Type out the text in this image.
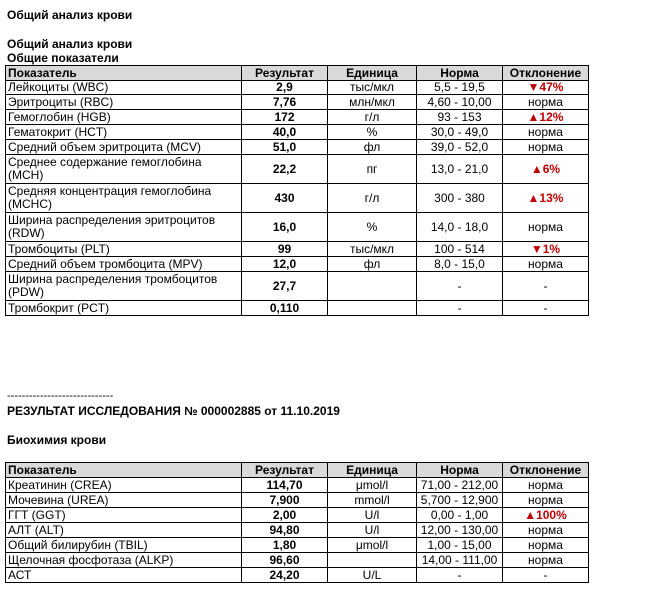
Общий анализ крови
Общий анализ крови
Общие показатели
Показатель	Результат	Единица	Норма	Отклонение
Лейкоциты (WBC)	2,9	тыс/мкл	5,5 - 19,5	▼47%
Эритроциты (RBC)	7,76	млн/мкл	4,60 - 10,00	норма
Гемоглобин (HGB)	172	г/л	93 - 153	▲12%
Гематокрит (HCT)	40,0	%	30,0 - 49,0	норма
Средний объем эритроцита (MCV)	51,0	фл	39,0 - 52,0	норма
Среднее содержание гемоглобина (MCH)	22,2	пг	13,0 - 21,0	▲6%
Средняя концентрация гемоглобина (MCHC)	430	г/л	300 - 380	▲13%
Ширина распределения эритроцитов (RDW)	16,0	%	14,0 - 18,0	норма
Тромбоциты (PLT)	99	тыс/мкл	100 - 514	▼1%
Средний объем тромбоцита (MPV)	12,0	фл	8,0 - 15,0	норма
Ширина распределения тромбоцитов (PDW)	27,7		-	-
Тромбокрит (PCT)	0,110		-	-
-----------------------------
РЕЗУЛЬТАТ ИССЛЕДОВАНИЯ № 000002885 от 11.10.2019
Биохимия крови
Показатель	Результат	Единица	Норма	Отклонение
Креатинин (CREA)	114,70	μmol/l	71,00 - 212,00	норма
Мочевина (UREA)	7,900	mmol/l	5,700 - 12,900	норма
ГГТ (GGT)	2,00	U/l	0,00 - 1,00	▲100%
АЛТ (ALT)	94,80	U/l	12,00 - 130,00	норма
Общий билирубин (TBIL)	1,80	μmol/l	1,00 - 15,00	норма
Щелочная фосфотаза (ALKP)	96,60		14,00 - 111,00	норма
АСТ	24,20	U/L	-	-
